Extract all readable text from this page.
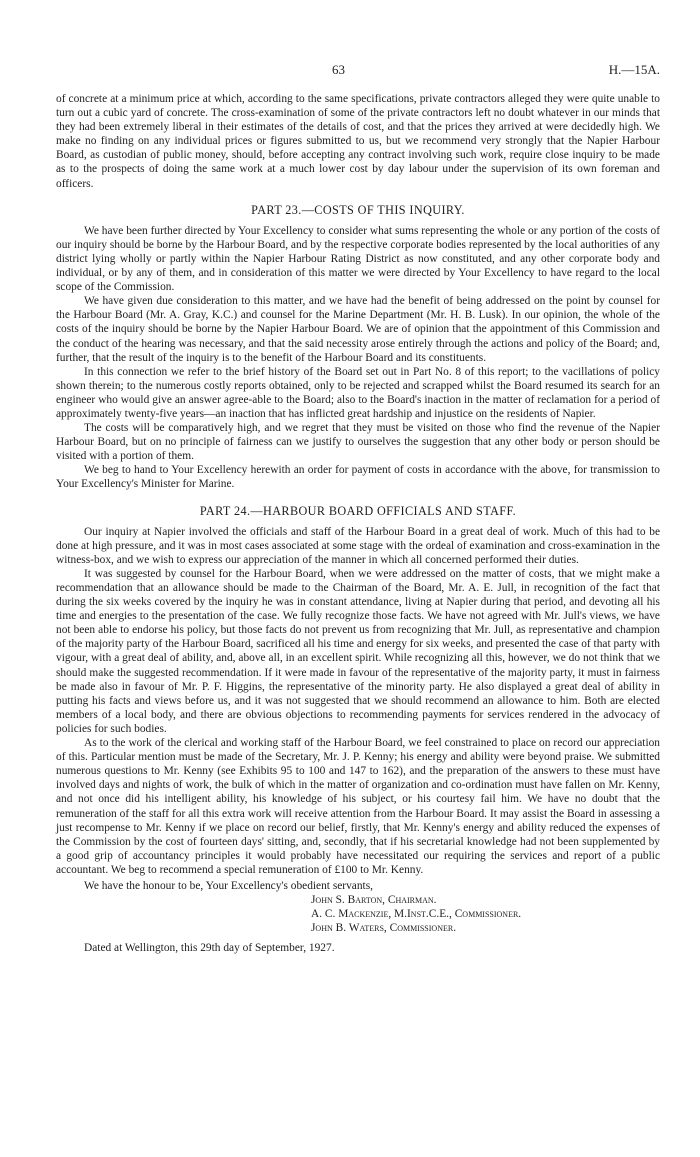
63	H.—15A.

of concrete at a minimum price at which, according to the same specifications, private contractors alleged they were quite unable to turn out a cubic yard of concrete. The cross-examination of some of the private contractors left no doubt whatever in our minds that they had been extremely liberal in their estimates of the details of cost, and that the prices they arrived at were decidedly high. We make no finding on any individual prices or figures submitted to us, but we recommend very strongly that the Napier Harbour Board, as custodian of public money, should, before accepting any contract involving such work, require close inquiry to be made as to the prospects of doing the same work at a much lower cost by day labour under the supervision of its own foreman and officers.

PART 23.—COSTS OF THIS INQUIRY.

We have been further directed by Your Excellency to consider what sums representing the whole or any portion of the costs of our inquiry should be borne by the Harbour Board, and by the respective corporate bodies represented by the local authorities of any district lying wholly or partly within the Napier Harbour Rating District as now constituted, and any other corporate body and individual, or by any of them, and in consideration of this matter we were directed by Your Excellency to have regard to the local scope of the Commission.

We have given due consideration to this matter, and we have had the benefit of being addressed on the point by counsel for the Harbour Board (Mr. A. Gray, K.C.) and counsel for the Marine Department (Mr. H. B. Lusk). In our opinion, the whole of the costs of the inquiry should be borne by the Napier Harbour Board. We are of opinion that the appointment of this Commission and the conduct of the hearing was necessary, and that the said necessity arose entirely through the actions and policy of the Board; and, further, that the result of the inquiry is to the benefit of the Harbour Board and its constituents.

In this connection we refer to the brief history of the Board set out in Part No. 8 of this report; to the vacillations of policy shown therein; to the numerous costly reports obtained, only to be rejected and scrapped whilst the Board resumed its search for an engineer who would give an answer agree-able to the Board; also to the Board's inaction in the matter of reclamation for a period of approximately twenty-five years—an inaction that has inflicted great hardship and injustice on the residents of Napier.

The costs will be comparatively high, and we regret that they must be visited on those who find the revenue of the Napier Harbour Board, but on no principle of fairness can we justify to ourselves the suggestion that any other body or person should be visited with a portion of them.

We beg to hand to Your Excellency herewith an order for payment of costs in accordance with the above, for transmission to Your Excellency's Minister for Marine.

PART 24.—HARBOUR BOARD OFFICIALS AND STAFF.

Our inquiry at Napier involved the officials and staff of the Harbour Board in a great deal of work. Much of this had to be done at high pressure, and it was in most cases associated at some stage with the ordeal of examination and cross-examination in the witness-box, and we wish to express our appreciation of the manner in which all concerned performed their duties.

It was suggested by counsel for the Harbour Board, when we were addressed on the matter of costs, that we might make a recommendation that an allowance should be made to the Chairman of the Board, Mr. A. E. Jull, in recognition of the fact that during the six weeks covered by the inquiry he was in constant attendance, living at Napier during that period, and devoting all his time and energies to the presentation of the case. We fully recognize those facts. We have not agreed with Mr. Jull's views, we have not been able to endorse his policy, but those facts do not prevent us from recognizing that Mr. Jull, as representative and champion of the majority party of the Harbour Board, sacrificed all his time and energy for six weeks, and presented the case of that party with vigour, with a great deal of ability, and, above all, in an excellent spirit. While recognizing all this, however, we do not think that we should make the suggested recommendation. If it were made in favour of the representative of the majority party, it must in fairness be made also in favour of Mr. P. F. Higgins, the representative of the minority party. He also displayed a great deal of ability in putting his facts and views before us, and it was not suggested that we should recommend an allowance to him. Both are elected members of a local body, and there are obvious objections to recommending payments for services rendered in the advocacy of policies for such bodies.

As to the work of the clerical and working staff of the Harbour Board, we feel constrained to place on record our appreciation of this. Particular mention must be made of the Secretary, Mr. J. P. Kenny; his energy and ability were beyond praise. We submitted numerous questions to Mr. Kenny (see Exhibits 95 to 100 and 147 to 162), and the preparation of the answers to these must have involved days and nights of work, the bulk of which in the matter of organization and co-ordination must have fallen on Mr. Kenny, and not once did his intelligent ability, his knowledge of his subject, or his courtesy fail him. We have no doubt that the remuneration of the staff for all this extra work will receive attention from the Harbour Board. It may assist the Board in assessing a just recompense to Mr. Kenny if we place on record our belief, firstly, that Mr. Kenny's energy and ability reduced the expenses of the Commission by the cost of fourteen days' sitting, and, secondly, that if his secretarial knowledge had not been supplemented by a good grip of accountancy principles it would probably have necessitated our requiring the services and report of a public accountant. We beg to recommend a special remuneration of £100 to Mr. Kenny.

We have the honour to be, Your Excellency's obedient servants,
John S. Barton, Chairman.
A. C. Mackenzie, M.Inst.C.E., Commissioner.
John B. Waters, Commissioner.

Dated at Wellington, this 29th day of September, 1927.
